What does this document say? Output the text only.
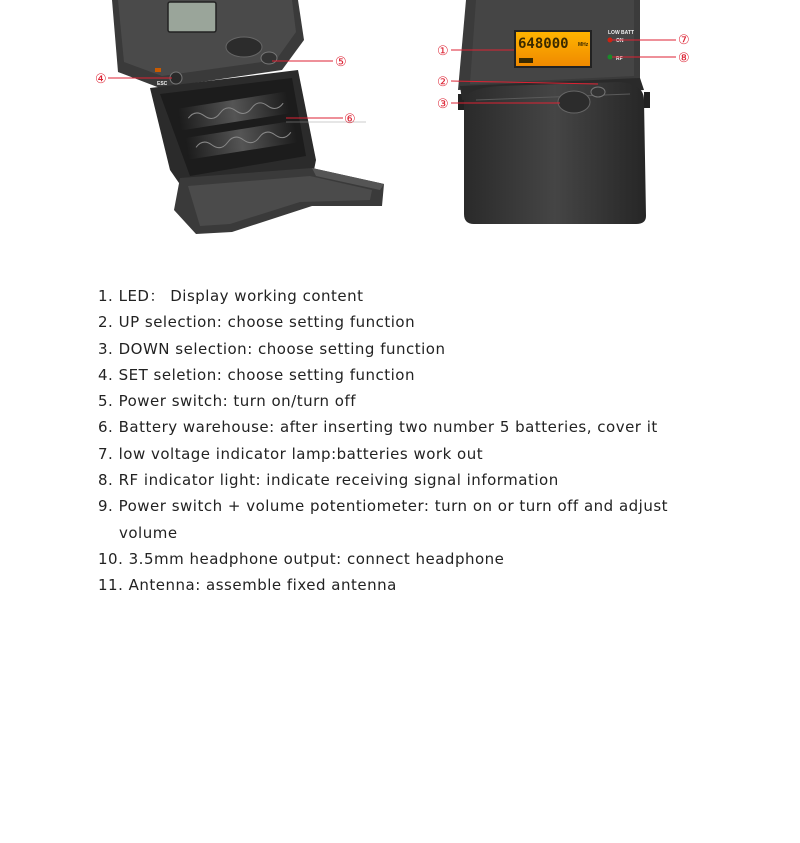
ESC
④
⑤
⑥
648000 MHz
LOW BATT
ON
RF
①
②
③
⑦
⑧
1. LED： Display working content
2. UP selection: choose setting function
3. DOWN selection: choose setting function
4. SET seletion: choose setting function
5. Power switch: turn on/turn off
6. Battery warehouse: after inserting two number 5 batteries, cover it
7. low voltage indicator lamp:batteries work out
8. RF indicator light: indicate receiving signal information
9. Power switch + volume potentiometer: turn on or turn off and adjust
volume
10. 3.5mm headphone output: connect headphone
11. Antenna: assemble fixed antenna
